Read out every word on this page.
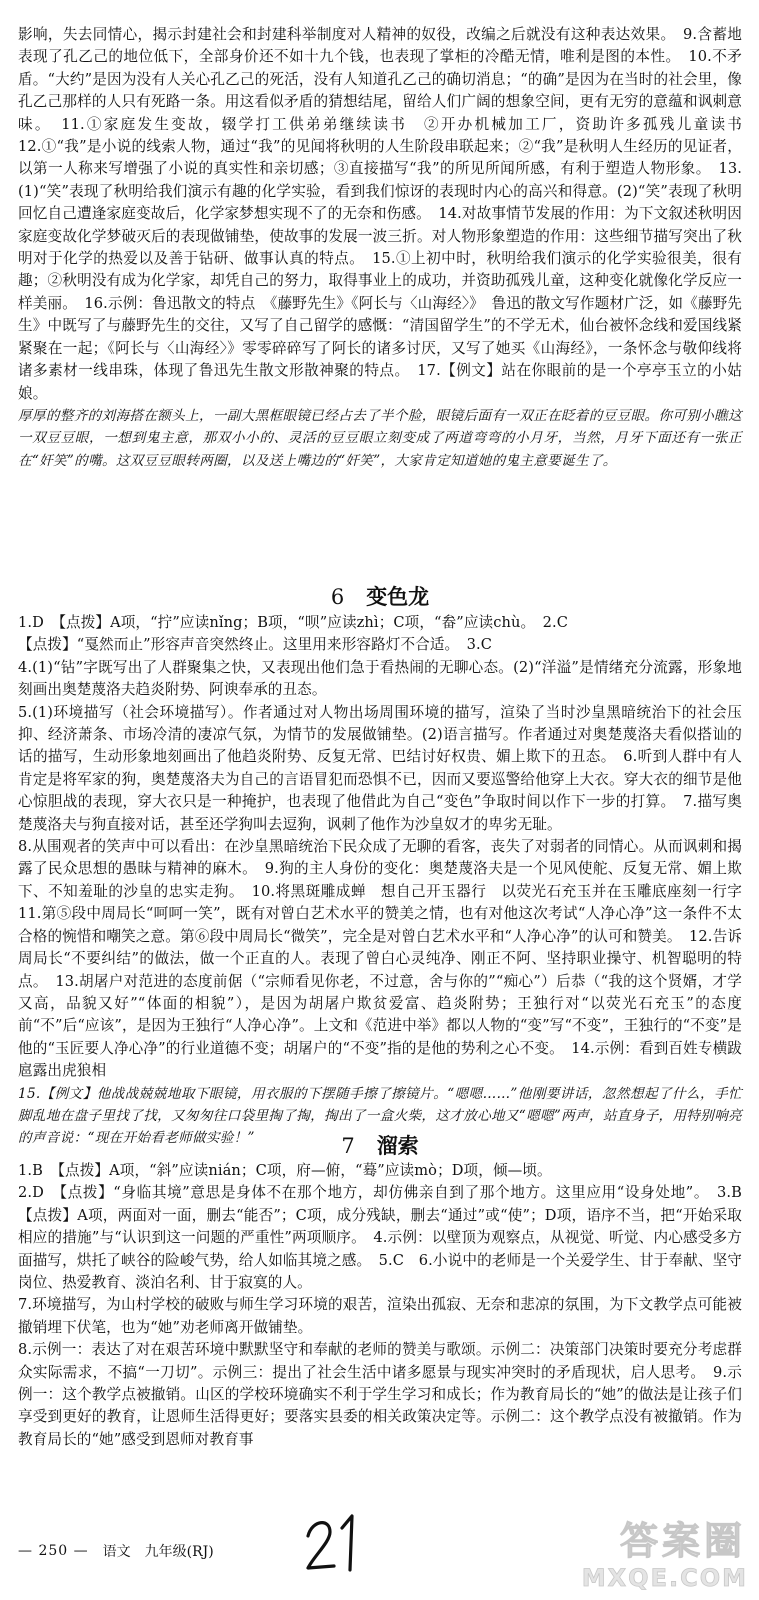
影响，失去同情心，揭示封建社会和封建科举制度对人精神的奴役，改编之后就没有这种表达效果。　9.含蓄地表现了孔乙己的地位低下，全部身价还不如十九个钱，也表现了掌柜的冷酷无情，唯利是图的本性。　10.不矛盾。“大约”是因为没有人关心孔乙己的死活，没有人知道孔乙己的确切消息；“的确”是因为在当时的社会里，像孔乙己那样的人只有死路一条。用这看似矛盾的猜想结尾，留给人们广阔的想象空间，更有无穷的意蕴和讽刺意味。　11.①家庭发生变故，辍学打工供弟弟继续读书　②开办机械加工厂，资助许多孤残儿童读书　12.①“我”是小说的线索人物，通过“我”的见闻将秋明的人生阶段串联起来；②“我”是秋明人生经历的见证者，以第一人称来写增强了小说的真实性和亲切感；③直接描写“我”的所见所闻所感，有利于塑造人物形象。　13.(1)“笑”表现了秋明给我们演示有趣的化学实验，看到我们惊讶的表现时内心的高兴和得意。(2)“笑”表现了秋明回忆自己遭逢家庭变故后，化学家梦想实现不了的无奈和伤感。　14.对故事情节发展的作用：为下文叙述秋明因家庭变故化学梦破灭后的表现做铺垫，使故事的发展一波三折。对人物形象塑造的作用：这些细节描写突出了秋明对于化学的热爱以及善于钻研、做事认真的特点。　15.①上初中时，秋明给我们演示的化学实验很美，很有趣；②秋明没有成为化学家，却凭自己的努力，取得事业上的成功，并资助孤残儿童，这种变化就像化学反应一样美丽。　16.示例：鲁迅散文的特点　《藤野先生》《阿长与〈山海经〉》　鲁迅的散文写作题材广泛，如《藤野先生》中既写了与藤野先生的交往，又写了自己留学的感慨：“清国留学生”的不学无术，仙台被怀念线和爱国线紧紧聚在一起；《阿长与〈山海经〉》零零碎碎写了阿长的诸多讨厌，又写了她买《山海经》，一条怀念与敬仰线将诸多素材一线串珠，体现了鲁迅先生散文形散神聚的特点。　17.【例文】站在你眼前的是一个亭亭玉立的小姑娘。

厚厚的整齐的刘海搭在额头上，一副大黑框眼镜已经占去了半个脸，眼镜后面有一双正在眨着的豆豆眼。你可别小瞧这一双豆豆眼，一想到鬼主意，那双小小的、灵活的豆豆眼立刻变成了两道弯弯的小月牙，当然，月牙下面还有一张正在“奸笑”的嘴。这双豆豆眼转两圈，以及送上嘴边的“奸笑”，大家肯定知道她的鬼主意要诞生了。

6 变色龙

1.D　【点拨】A项，“拧”应读nǐng；B项，“呗”应读zhì；C项，“畚”应读chù。　2.C

【点拨】“戛然而止”形容声音突然终止。这里用来形容路灯不合适。　3.C

4.(1)“钻”字既写出了人群聚集之快，又表现出他们急于看热闹的无聊心态。(2)“洋溢”是情绪充分流露，形象地刻画出奥楚蔑洛夫趋炎附势、阿谀奉承的丑态。

5.(1)环境描写（社会环境描写）。作者通过对人物出场周围环境的描写，渲染了当时沙皇黑暗统治下的社会压抑、经济萧条、市场冷清的凄凉气氛，为情节的发展做铺垫。(2)语言描写。作者通过对奥楚蔑洛夫看似搭讪的话的描写，生动形象地刻画出了他趋炎附势、反复无常、巴结讨好权贵、媚上欺下的丑态。　6.听到人群中有人肯定是将军家的狗，奥楚蔑洛夫为自己的言语冒犯而恐惧不已，因而又要巡警给他穿上大衣。穿大衣的细节是他心惊胆战的表现，穿大衣只是一种掩护，也表现了他借此为自己“变色”争取时间以作下一步的打算。　7.描写奥楚蔑洛夫与狗直接对话，甚至还学狗叫去逗狗，讽刺了他作为沙皇奴才的卑劣无耻。

8.从围观者的笑声中可以看出：在沙皇黑暗统治下民众成了无聊的看客，丧失了对弱者的同情心。从而讽刺和揭露了民众思想的愚昧与精神的麻木。　9.狗的主人身份的变化：奥楚蔑洛夫是一个见风使舵、反复无常、媚上欺下、不知羞耻的沙皇的忠实走狗。　10.将黑斑雕成蝉　想自己开玉器行　以荧光石充玉并在玉雕底座刻一行字　11.第⑤段中周局长“呵呵一笑”，既有对曾白艺术水平的赞美之情，也有对他这次考试“人净心净”这一条件不太合格的惋惜和嘲笑之意。第⑥段中周局长“微笑”，完全是对曾白艺术水平和“人净心净”的认可和赞美。　12.告诉周局长“不要纠结”的做法，做一个正直的人。表现了曾白心灵纯净、刚正不阿、坚持职业操守、机智聪明的特点。　13.胡屠户对范进的态度前倨（“宗师看见你老，不过意，舍与你的”“痴心”）后恭（“我的这个贤婿，才学又高，品貌又好”“体面的相貌”），是因为胡屠户欺贫爱富、趋炎附势；王独行对“以荧光石充玉”的态度前“不”后“应该”，是因为王独行“人净心净”。上文和《范进中举》都以人物的“变”写“不变”，王独行的“不变”是他的“玉匠要人净心净”的行业道德不变；胡屠户的“不变”指的是他的势利之心不变。　14.示例：看到百姓专横跋扈露出虎狼相

15.【例文】他战战兢兢地取下眼镜，用衣服的下摆随手擦了擦镜片。“嗯嗯……”他刚要讲话，忽然想起了什么，手忙脚乱地在盘子里找了找，又匆匆往口袋里掏了掏，掏出了一盒火柴，这才放心地又“嗯嗯”两声，站直身子，用特别响亮的声音说：“现在开始看老师做实验！”	7 溜索

1.B　【点拨】A项，“斜”应读nián；C项，府—俯，“蓦”应读mò；D项，倾—顷。

2.D　【点拨】“身临其境”意思是身体不在那个地方，却仿佛亲自到了那个地方。这里应用“设身处地”。　3.B　【点拨】A项，两面对一面，删去“能否”；C项，成分残缺，删去“通过”或“使”；D项，语序不当，把“开始采取相应的措施”与“认识到这一问题的严重性”两项顺序。　4.示例：以壁顶为观察点，从视觉、听觉、内心感受多方面描写，烘托了峡谷的险峻气势，给人如临其境之感。　5.C　6.小说中的老师是一个关爱学生、甘于奉献、坚守岗位、热爱教育、淡泊名利、甘于寂寞的人。

7.环境描写，为山村学校的破败与师生学习环境的艰苦，渲染出孤寂、无奈和悲凉的氛围，为下文教学点可能被撤销埋下伏笔，也为“她”劝老师离开做铺垫。

8.示例一：表达了对在艰苦环境中默默坚守和奉献的老师的赞美与歌颂。示例二：决策部门决策时要充分考虑群众实际需求，不搞“一刀切”。示例三：提出了社会生活中诸多愿景与现实冲突时的矛盾现状，启人思考。　9.示例一：这个教学点被撤销。山区的学校环境确实不利于学生学习和成长；作为教育局长的“她”的做法是让孩子们享受到更好的教育，让恩师生活得更好；要落实县委的相关政策决定等。示例二：这个教学点没有被撤销。作为教育局长的“她”感受到恩师对教育事

— 250 — 语文 九年级(RJ)	答案圈
MXQE.COM
